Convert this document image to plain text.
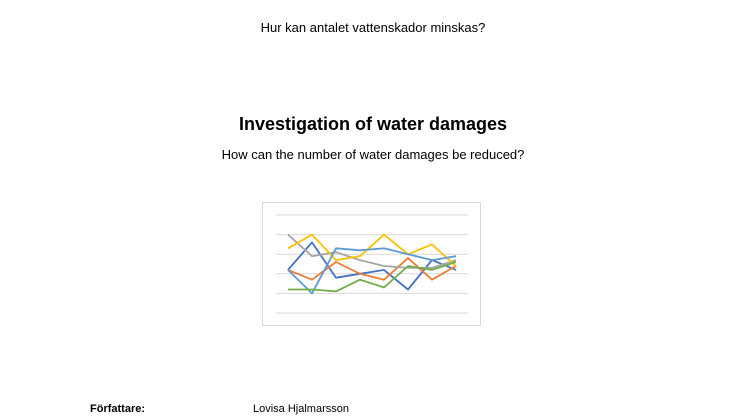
Hur kan antalet vattenskador minskas?
Investigation of water damages
How can the number of water damages be reduced?
Författare:	Lovisa Hjalmarsson
